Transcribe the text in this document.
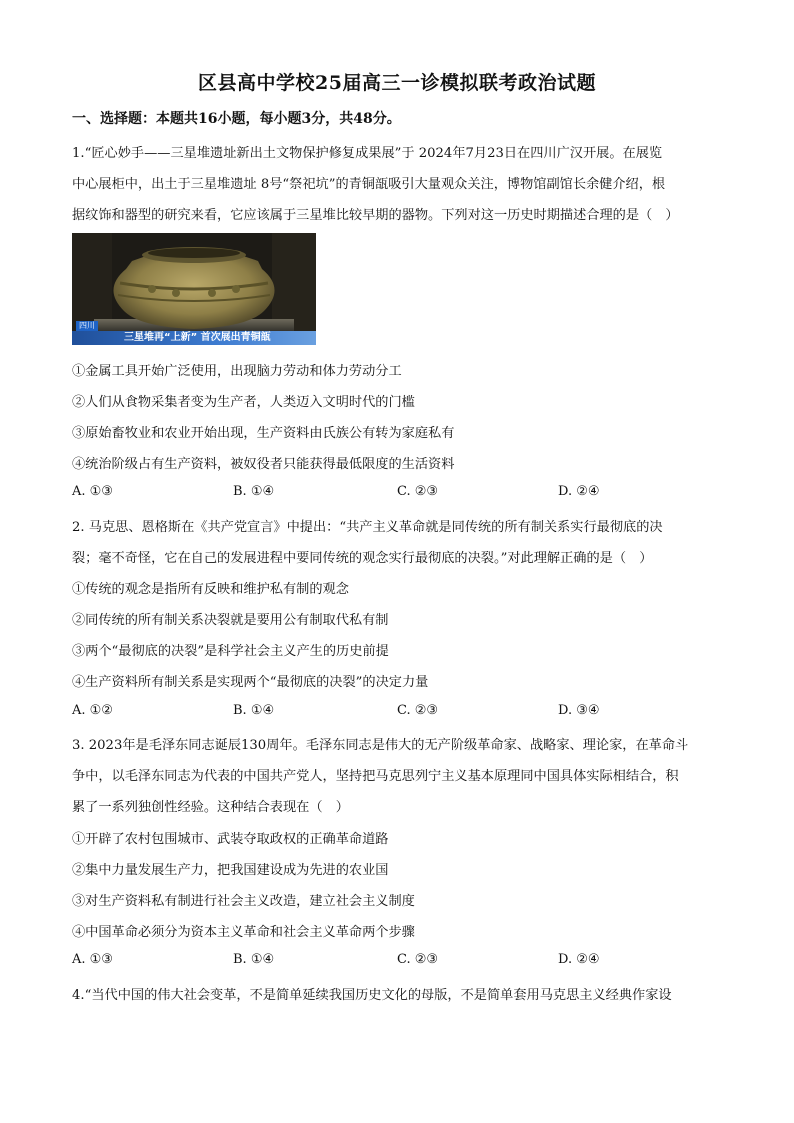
区县高中学校25届高三一诊模拟联考政治试题
一、选择题：本题共16小题，每小题3分，共48分。
1.“匠心妙手——三星堆遗址新出土文物保护修复成果展”于 2024年7月23日在四川广汉开展。在展览
中心展柜中，出土于三星堆遗址 8号“祭祀坑”的青铜瓿吸引大量观众关注，博物馆副馆长余健介绍，根
据纹饰和器型的研究来看，它应该属于三星堆比较早期的器物。下列对这一历史时期描述合理的是（　）
四川
三星堆再“上新” 首次展出青铜瓿
①金属工具开始广泛使用，出现脑力劳动和体力劳动分工
②人们从食物采集者变为生产者，人类迈入文明时代的门槛
③原始畜牧业和农业开始出现，生产资料由氏族公有转为家庭私有
④统治阶级占有生产资料，被奴役者只能获得最低限度的生活资料
A. ①③	B. ①④	C. ②③	D. ②④
2. 马克思、恩格斯在《共产党宣言》中提出：“共产主义革命就是同传统的所有制关系实行最彻底的决
裂；毫不奇怪，它在自己的发展进程中要同传统的观念实行最彻底的决裂。”对此理解正确的是（　）
①传统的观念是指所有反映和维护私有制的观念
②同传统的所有制关系决裂就是要用公有制取代私有制
③两个“最彻底的决裂”是科学社会主义产生的历史前提
④生产资料所有制关系是实现两个“最彻底的决裂”的决定力量
A. ①②	B. ①④	C. ②③	D. ③④
3. 2023年是毛泽东同志诞辰130周年。毛泽东同志是伟大的无产阶级革命家、战略家、理论家，在革命斗
争中，以毛泽东同志为代表的中国共产党人，坚持把马克思列宁主义基本原理同中国具体实际相结合，积
累了一系列独创性经验。这种结合表现在（　）
①开辟了农村包围城市、武装夺取政权的正确革命道路
②集中力量发展生产力，把我国建设成为先进的农业国
③对生产资料私有制进行社会主义改造，建立社会主义制度
④中国革命必须分为资本主义革命和社会主义革命两个步骤
A. ①③	B. ①④	C. ②③	D. ②④
4.“当代中国的伟大社会变革，不是简单延续我国历史文化的母版，不是简单套用马克思主义经典作家设
